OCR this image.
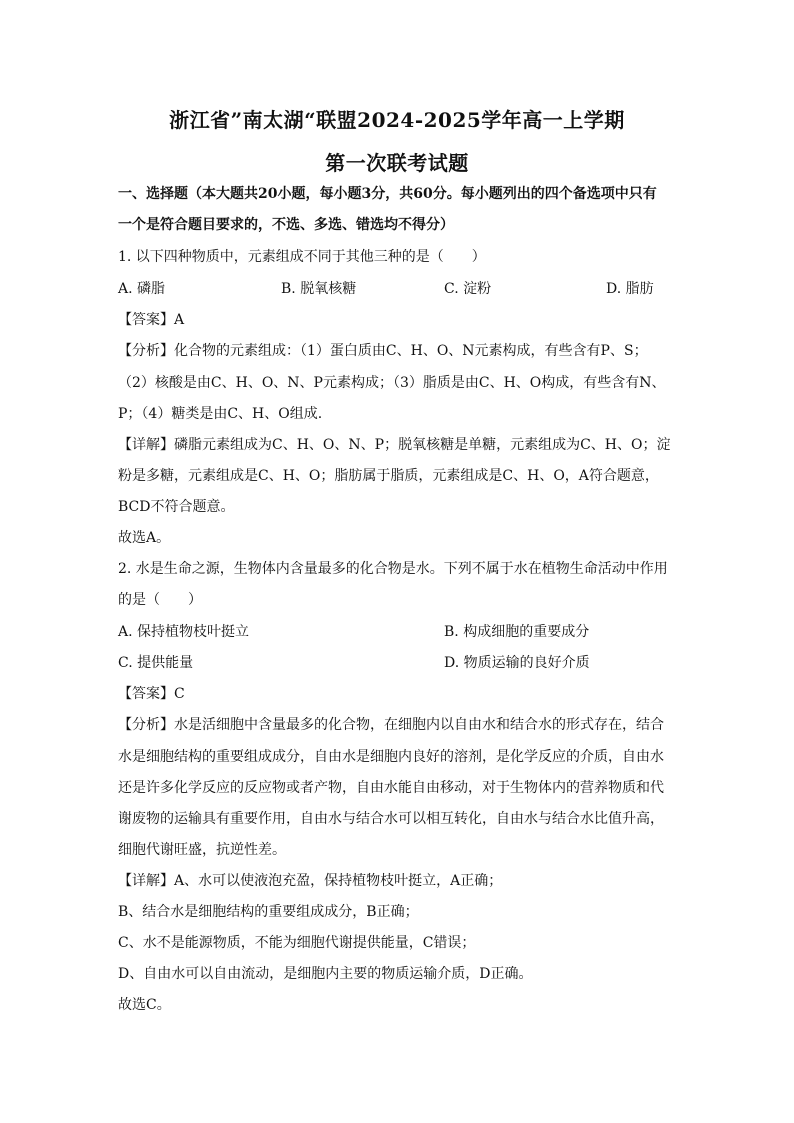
浙江省”南太湖“联盟2024-2025学年高一上学期
第一次联考试题
一、选择题（本大题共20小题，每小题3分，共60分。每小题列出的四个备选项中只有
一个是符合题目要求的，不选、多选、错选均不得分）
1. 以下四种物质中，元素组成不同于其他三种的是（　　）
A. 磷脂	B. 脱氧核糖	C. 淀粉	D. 脂肪
【答案】A
【分析】化合物的元素组成：（1）蛋白质由C、H、O、N元素构成，有些含有P、S；
（2）核酸是由C、H、O、N、P元素构成；（3）脂质是由C、H、O构成，有些含有N、
P；（4）糖类是由C、H、O组成.
【详解】磷脂元素组成为C、H、O、N、P；脱氧核糖是单糖，元素组成为C、H、O；淀
粉是多糖，元素组成是C、H、O；脂肪属于脂质，元素组成是C、H、O，A符合题意，
BCD不符合题意。
故选A。
2. 水是生命之源，生物体内含量最多的化合物是水。下列不属于水在植物生命活动中作用
的是（　　）
A. 保持植物枝叶挺立	B. 构成细胞的重要成分
C. 提供能量	D. 物质运输的良好介质
【答案】C
【分析】水是活细胞中含量最多的化合物，在细胞内以自由水和结合水的形式存在，结合
水是细胞结构的重要组成成分，自由水是细胞内良好的溶剂，是化学反应的介质，自由水
还是许多化学反应的反应物或者产物，自由水能自由移动，对于生物体内的营养物质和代
谢废物的运输具有重要作用，自由水与结合水可以相互转化，自由水与结合水比值升高，
细胞代谢旺盛，抗逆性差。
【详解】A、水可以使液泡充盈，保持植物枝叶挺立，A正确；
B、结合水是细胞结构的重要组成成分，B正确；
C、水不是能源物质，不能为细胞代谢提供能量，C错误；
D、自由水可以自由流动，是细胞内主要的物质运输介质，D正确。
故选C。
